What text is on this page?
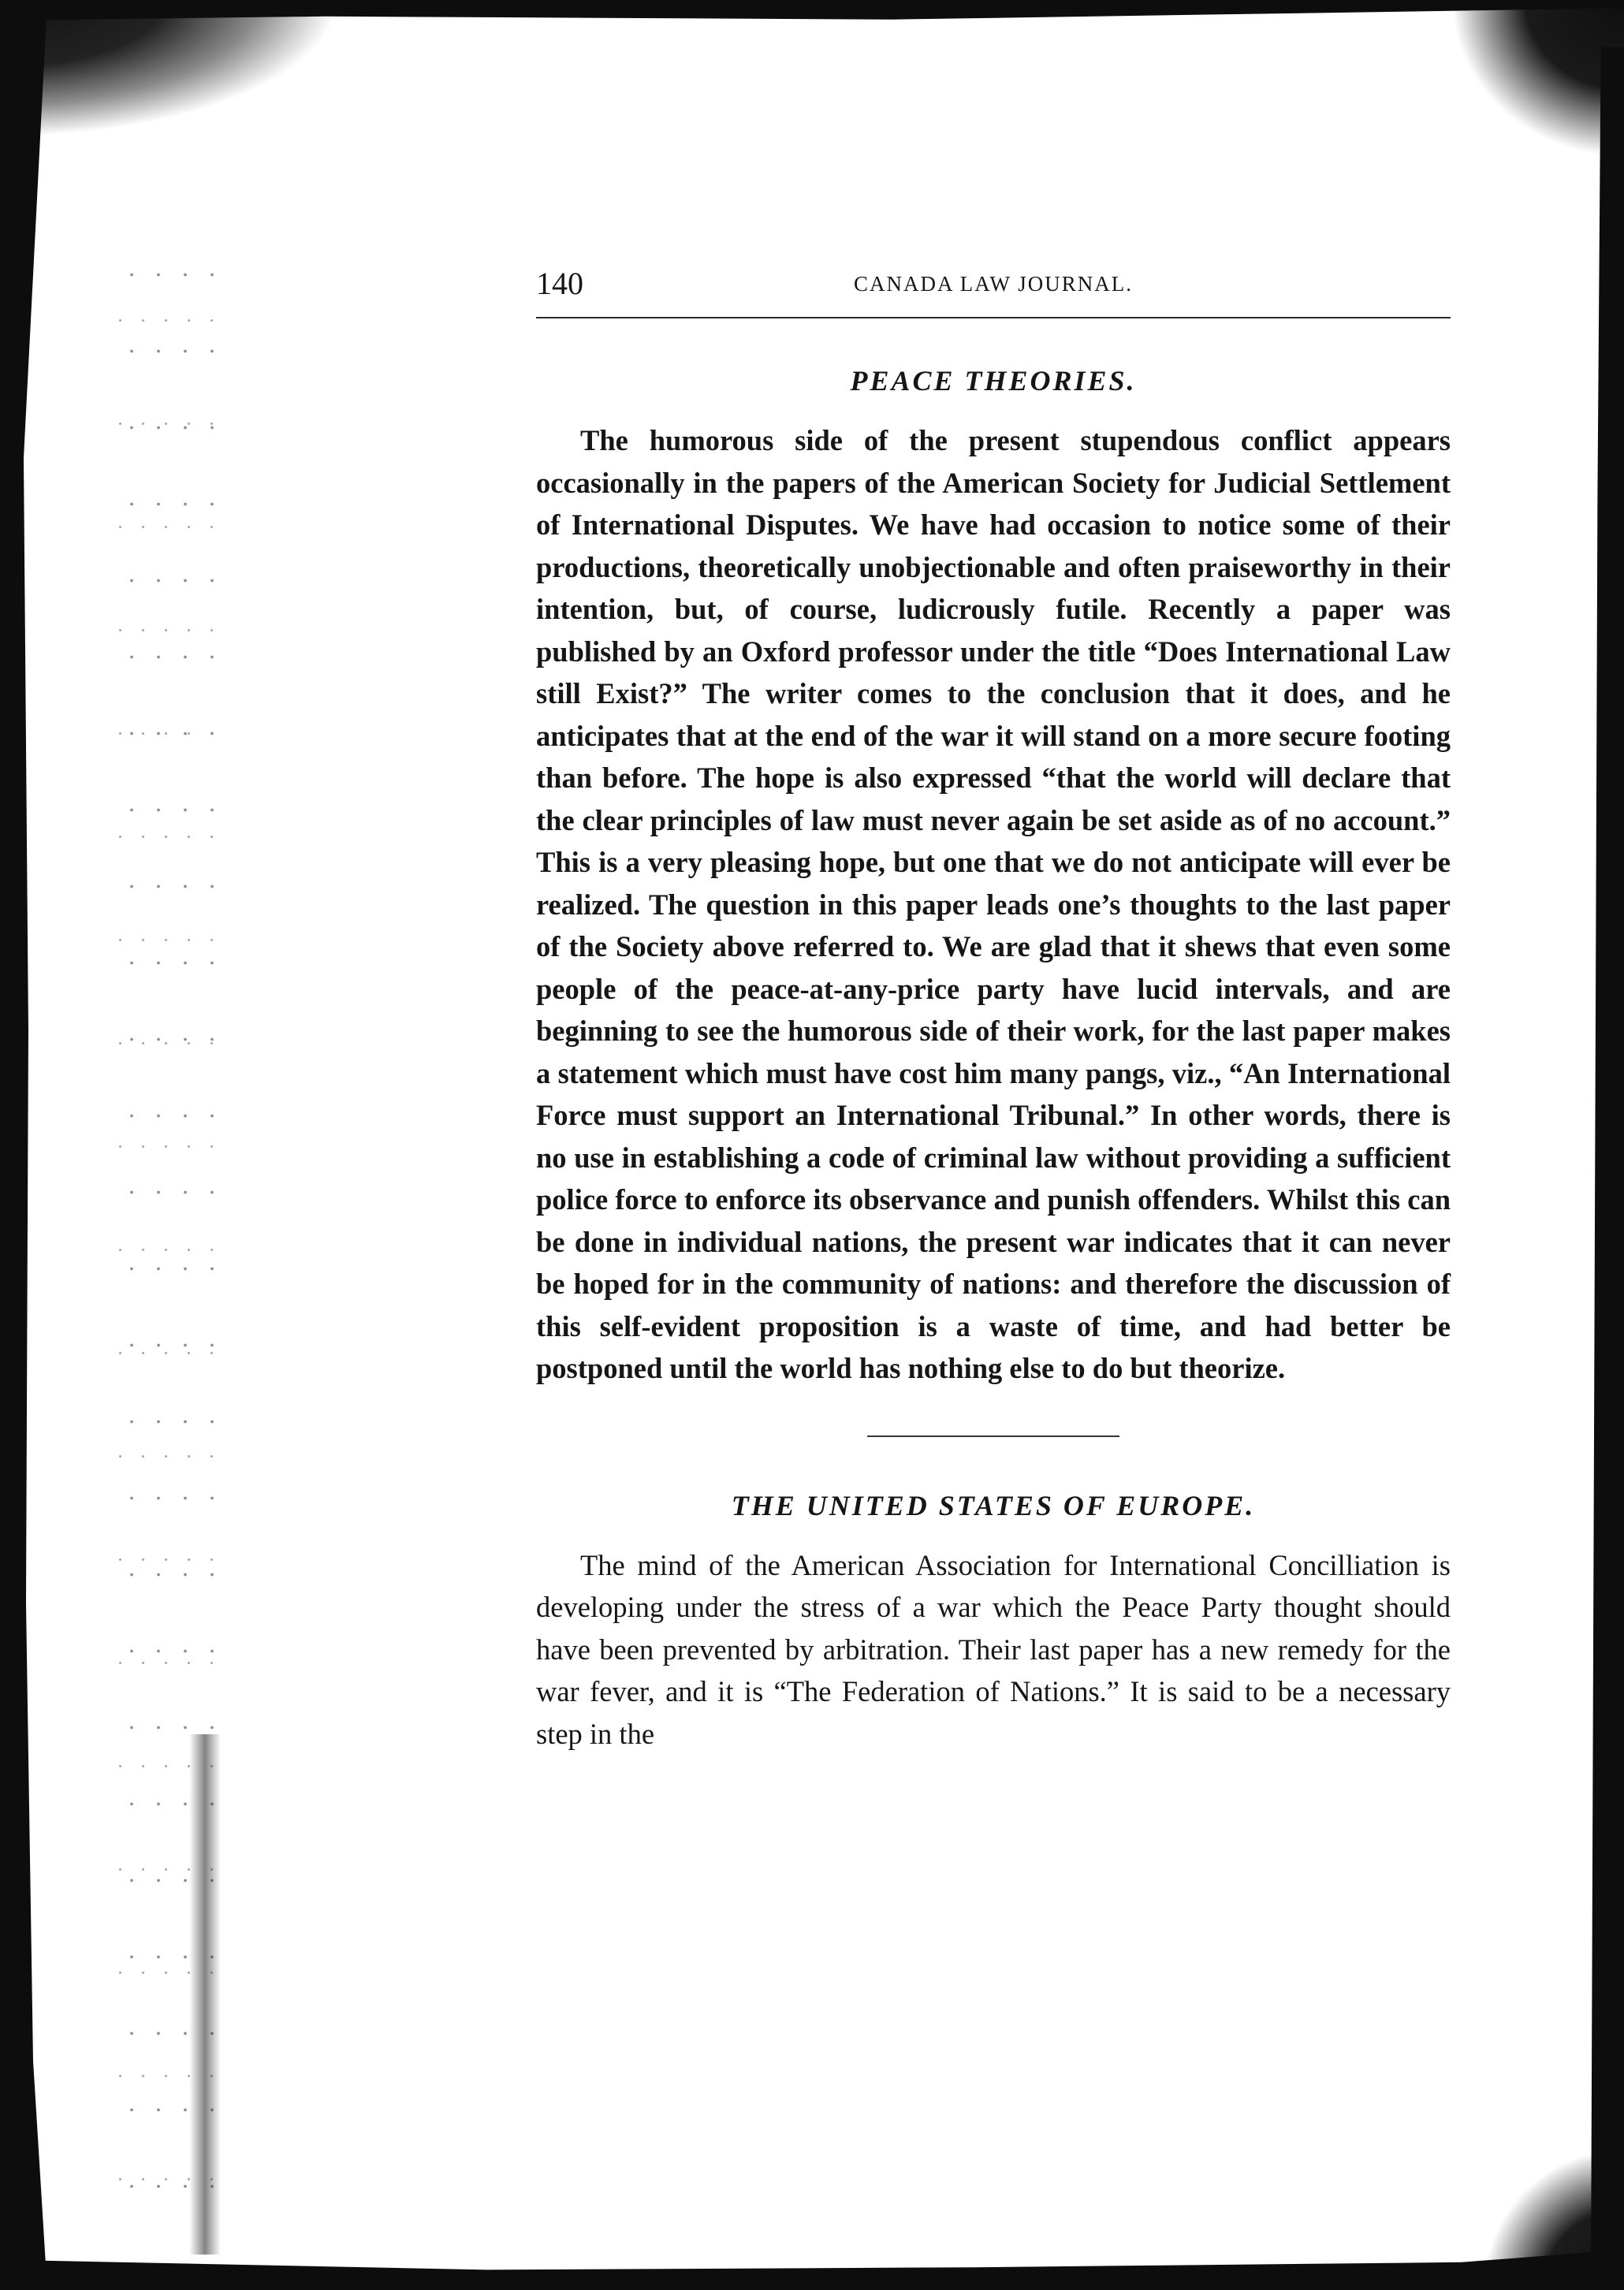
140	CANADA LAW JOURNAL.
PEACE THEORIES.

The humorous side of the present stupendous conflict appears occasionally in the papers of the American Society for Judicial Settlement of International Disputes. We have had occasion to notice some of their productions, theoretically unobjectionable and often praiseworthy in their intention, but, of course, ludicrously futile. Recently a paper was published by an Oxford professor under the title “Does International Law still Exist?” The writer comes to the conclusion that it does, and he anticipates that at the end of the war it will stand on a more secure footing than before. The hope is also expressed “that the world will declare that the clear principles of law must never again be set aside as of no account.” This is a very pleasing hope, but one that we do not anticipate will ever be realized. The question in this paper leads one’s thoughts to the last paper of the Society above referred to. We are glad that it shews that even some people of the peace-at-any-price party have lucid intervals, and are beginning to see the humorous side of their work, for the last paper makes a statement which must have cost him many pangs, viz., “An International Force must support an International Tribunal.” In other words, there is no use in establishing a code of criminal law without providing a sufficient police force to enforce its observance and punish offenders. Whilst this can be done in individual nations, the present war indicates that it can never be hoped for in the community of nations: and therefore the discussion of this self-evident proposition is a waste of time, and had better be postponed until the world has nothing else to do but theorize.

THE UNITED STATES OF EUROPE.

The mind of the American Association for International Concilliation is developing under the stress of a war which the Peace Party thought should have been prevented by arbitration. Their last paper has a new remedy for the war fever, and it is “The Federation of Nations.” It is said to be a necessary step in the
